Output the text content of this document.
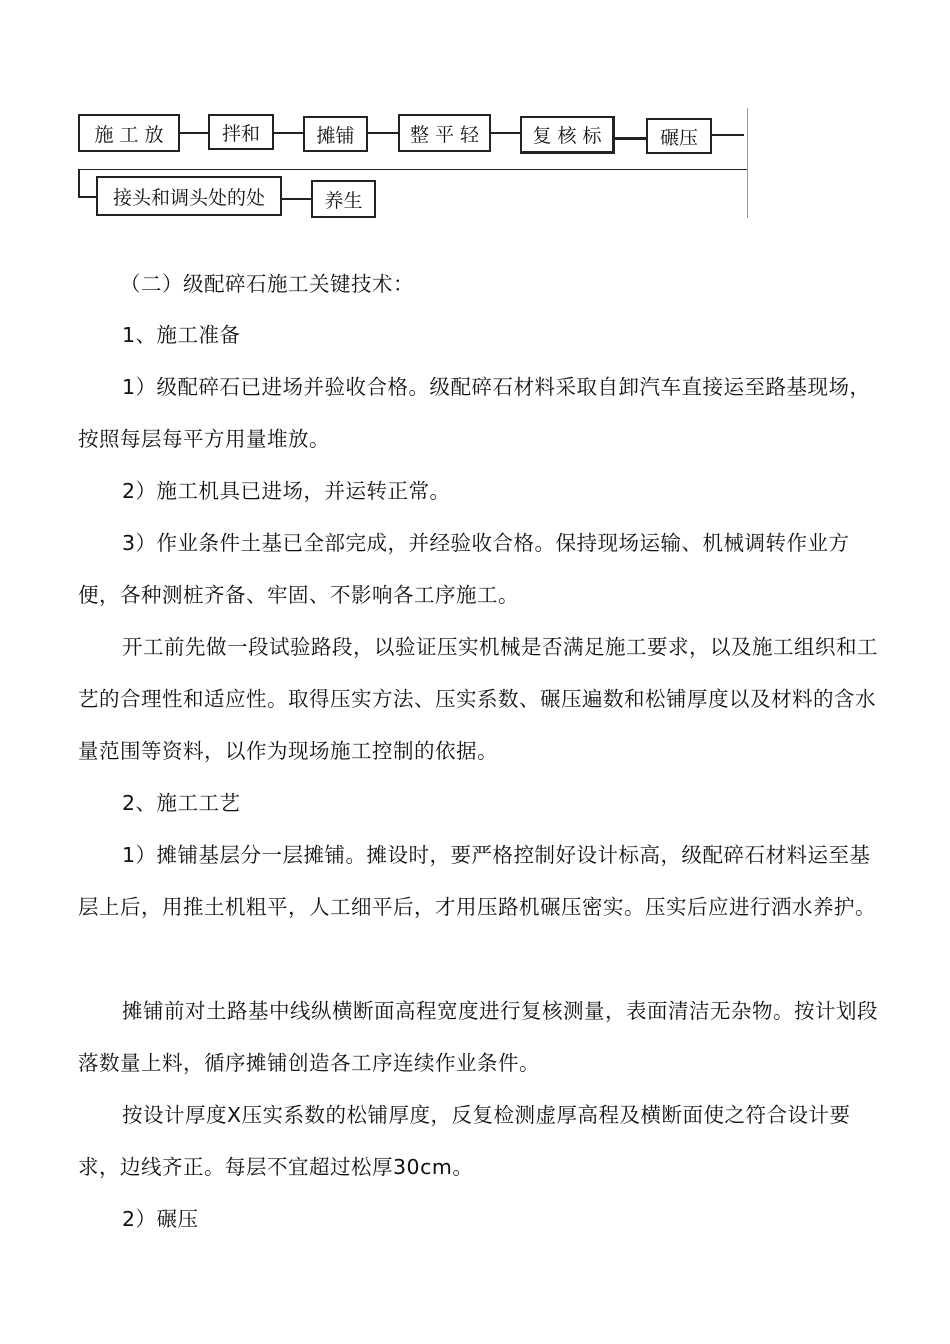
施 工 放	拌和	摊铺	整 平 轻	复 核 标	碾压
接头和调头处的处	养生
（二）级配碎石施工关键技术：
1、施工准备
1）级配碎石已进场并验收合格。级配碎石材料采取自卸汽车直接运至路基现场，按照每层每平方用量堆放。
2）施工机具已进场，并运转正常。
3）作业条件土基已全部完成，并经验收合格。保持现场运输、机械调转作业方便，各种测桩齐备、牢固、不影响各工序施工。
开工前先做一段试验路段，以验证压实机械是否满足施工要求，以及施工组织和工艺的合理性和适应性。取得压实方法、压实系数、碾压遍数和松铺厚度以及材料的含水量范围等资料，以作为现场施工控制的依据。
2、施工工艺
1）摊铺基层分一层摊铺。摊设时，要严格控制好设计标高，级配碎石材料运至基层上后，用推土机粗平，人工细平后，才用压路机碾压密实。压实后应进行洒水养护。
摊铺前对土路基中线纵横断面高程宽度进行复核测量，表面清洁无杂物。按计划段落数量上料，循序摊铺创造各工序连续作业条件。
按设计厚度X压实系数的松铺厚度，反复检测虚厚高程及横断面使之符合设计要求，边线齐正。每层不宜超过松厚30cm。
2）碾压
